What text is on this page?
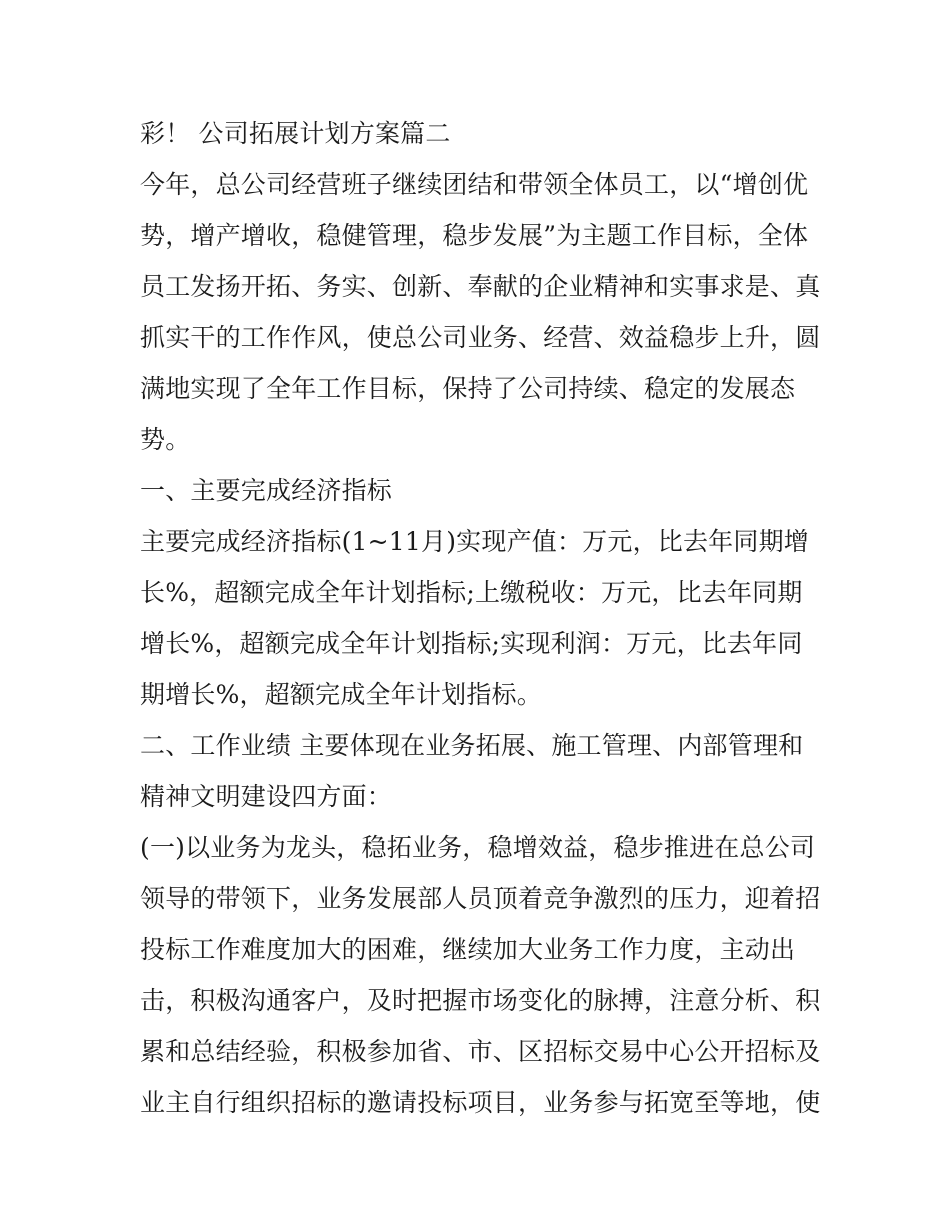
彩！ 公司拓展计划方案篇二
今年，总公司经营班子继续团结和带领全体员工，以“增创优
势，增产增收，稳健管理，稳步发展”为主题工作目标，全体
员工发扬开拓、务实、创新、奉献的企业精神和实事求是、真
抓实干的工作作风，使总公司业务、经营、效益稳步上升，圆
满地实现了全年工作目标，保持了公司持续、稳定的发展态
势。
一、主要完成经济指标
主要完成经济指标(1~11月)实现产值：万元，比去年同期增
长%，超额完成全年计划指标;上缴税收：万元，比去年同期
增长%，超额完成全年计划指标;实现利润：万元，比去年同
期增长%，超额完成全年计划指标。
二、工作业绩 主要体现在业务拓展、施工管理、内部管理和
精神文明建设四方面：
(一)以业务为龙头，稳拓业务，稳增效益，稳步推进在总公司
领导的带领下，业务发展部人员顶着竞争激烈的压力，迎着招
投标工作难度加大的困难，继续加大业务工作力度，主动出
击，积极沟通客户，及时把握市场变化的脉搏，注意分析、积
累和总结经验，积极参加省、市、区招标交易中心公开招标及
业主自行组织招标的邀请投标项目，业务参与拓宽至等地，使
